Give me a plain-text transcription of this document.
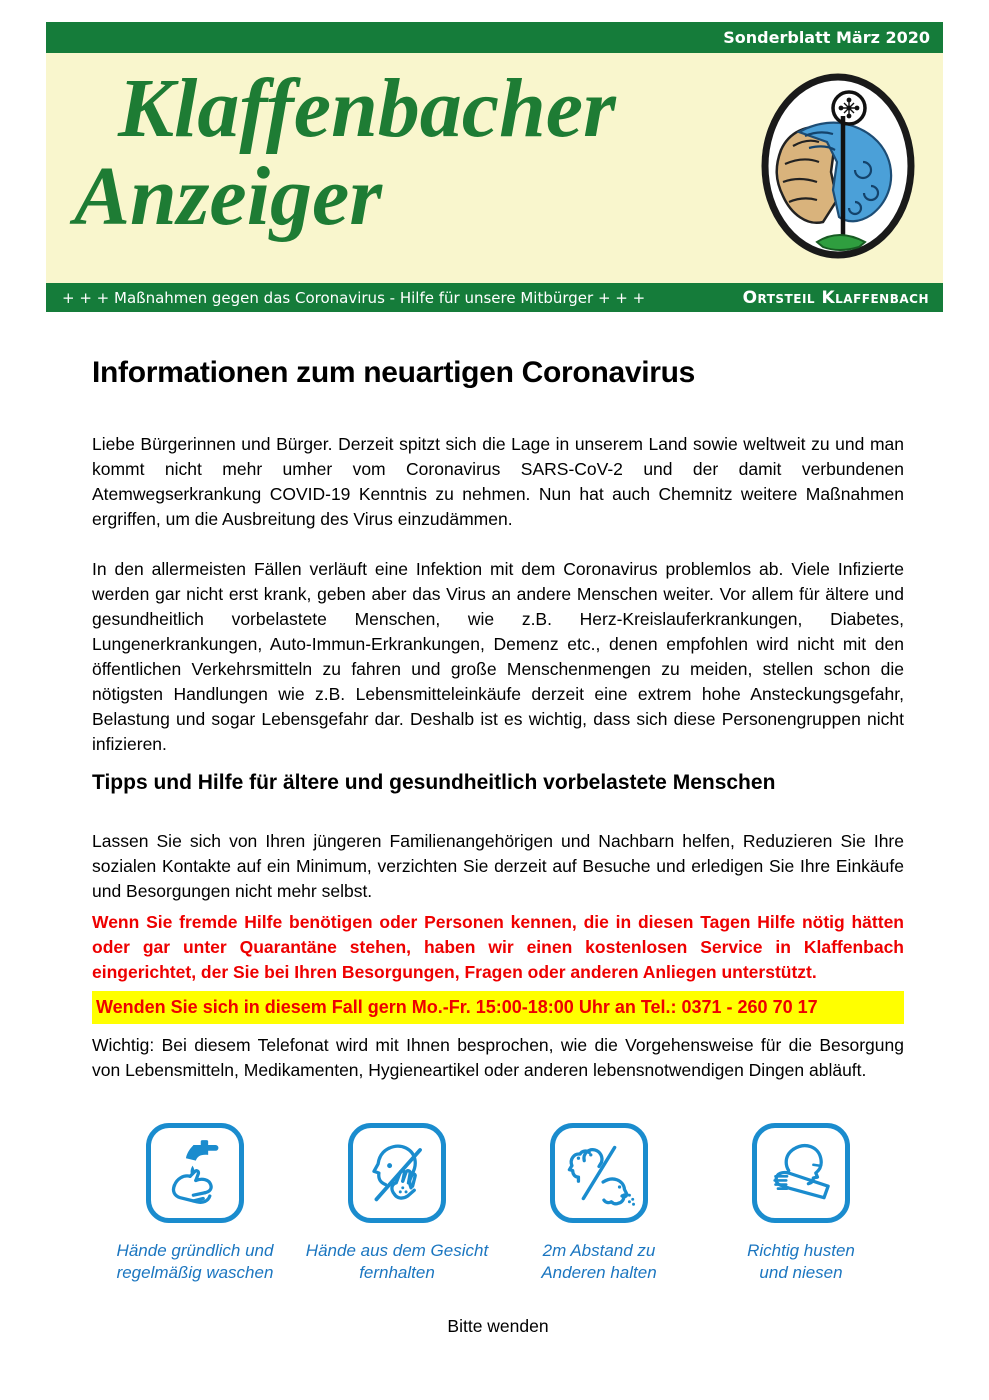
Sonderblatt März 2020
Klaffenbacher
Anzeiger
+ + + Maßnahmen gegen das Coronavirus - Hilfe für unsere Mitbürger + + +	Ortsteil Klaffenbach
Informationen zum neuartigen Coronavirus

Liebe Bürgerinnen und Bürger. Derzeit spitzt sich die Lage in unserem Land sowie weltweit zu und man kommt nicht mehr umher vom Coronavirus SARS-CoV-2 und der damit verbundenen Atemwegserkrankung COVID-19 Kenntnis zu nehmen. Nun hat auch Chemnitz weitere Maßnahmen ergriffen, um die Ausbreitung des Virus einzudämmen.

In den allermeisten Fällen verläuft eine Infektion mit dem Coronavirus problemlos ab. Viele Infizierte werden gar nicht erst krank, geben aber das Virus an andere Menschen weiter. Vor allem für ältere und gesundheitlich vorbelastete Menschen, wie z.B. Herz-Kreislauferkrankungen, Diabetes, Lungenerkrankungen, Auto-Immun-Erkrankungen, Demenz etc., denen empfohlen wird nicht mit den öffentlichen Verkehrsmitteln zu fahren und große Menschenmengen zu meiden, stellen schon die nötigsten Handlungen wie z.B. Lebensmitteleinkäufe derzeit eine extrem hohe Ansteckungsgefahr, Belastung und sogar Lebensgefahr dar. Deshalb ist es wichtig, dass sich diese Personengruppen nicht infizieren.

Tipps und Hilfe für ältere und gesundheitlich vorbelastete Menschen

Lassen Sie sich von Ihren jüngeren Familienangehörigen und Nachbarn helfen, Reduzieren Sie Ihre sozialen Kontakte auf ein Minimum, verzichten Sie derzeit auf Besuche und erledigen Sie Ihre Einkäufe und Besorgungen nicht mehr selbst.

Wenn Sie fremde Hilfe benötigen oder Personen kennen, die in diesen Tagen Hilfe nötig hätten oder gar unter Quarantäne stehen, haben wir einen kostenlosen Service in Klaffenbach eingerichtet, der Sie bei Ihren Besorgungen, Fragen oder anderen Anliegen unterstützt.

Wenden Sie sich in diesem Fall gern Mo.-Fr. 15:00-18:00 Uhr an Tel.: 0371 - 260 70 17

Wichtig: Bei diesem Telefonat wird mit Ihnen besprochen, wie die Vorgehensweise für die Besorgung von Lebensmitteln, Medikamenten, Hygieneartikel oder anderen lebensnotwendigen Dingen abläuft.

Hände gründlich und regelmäßig waschen
Hände aus dem Gesicht fernhalten
2m Abstand zu Anderen halten
Richtig husten und niesen
Bitte wenden
